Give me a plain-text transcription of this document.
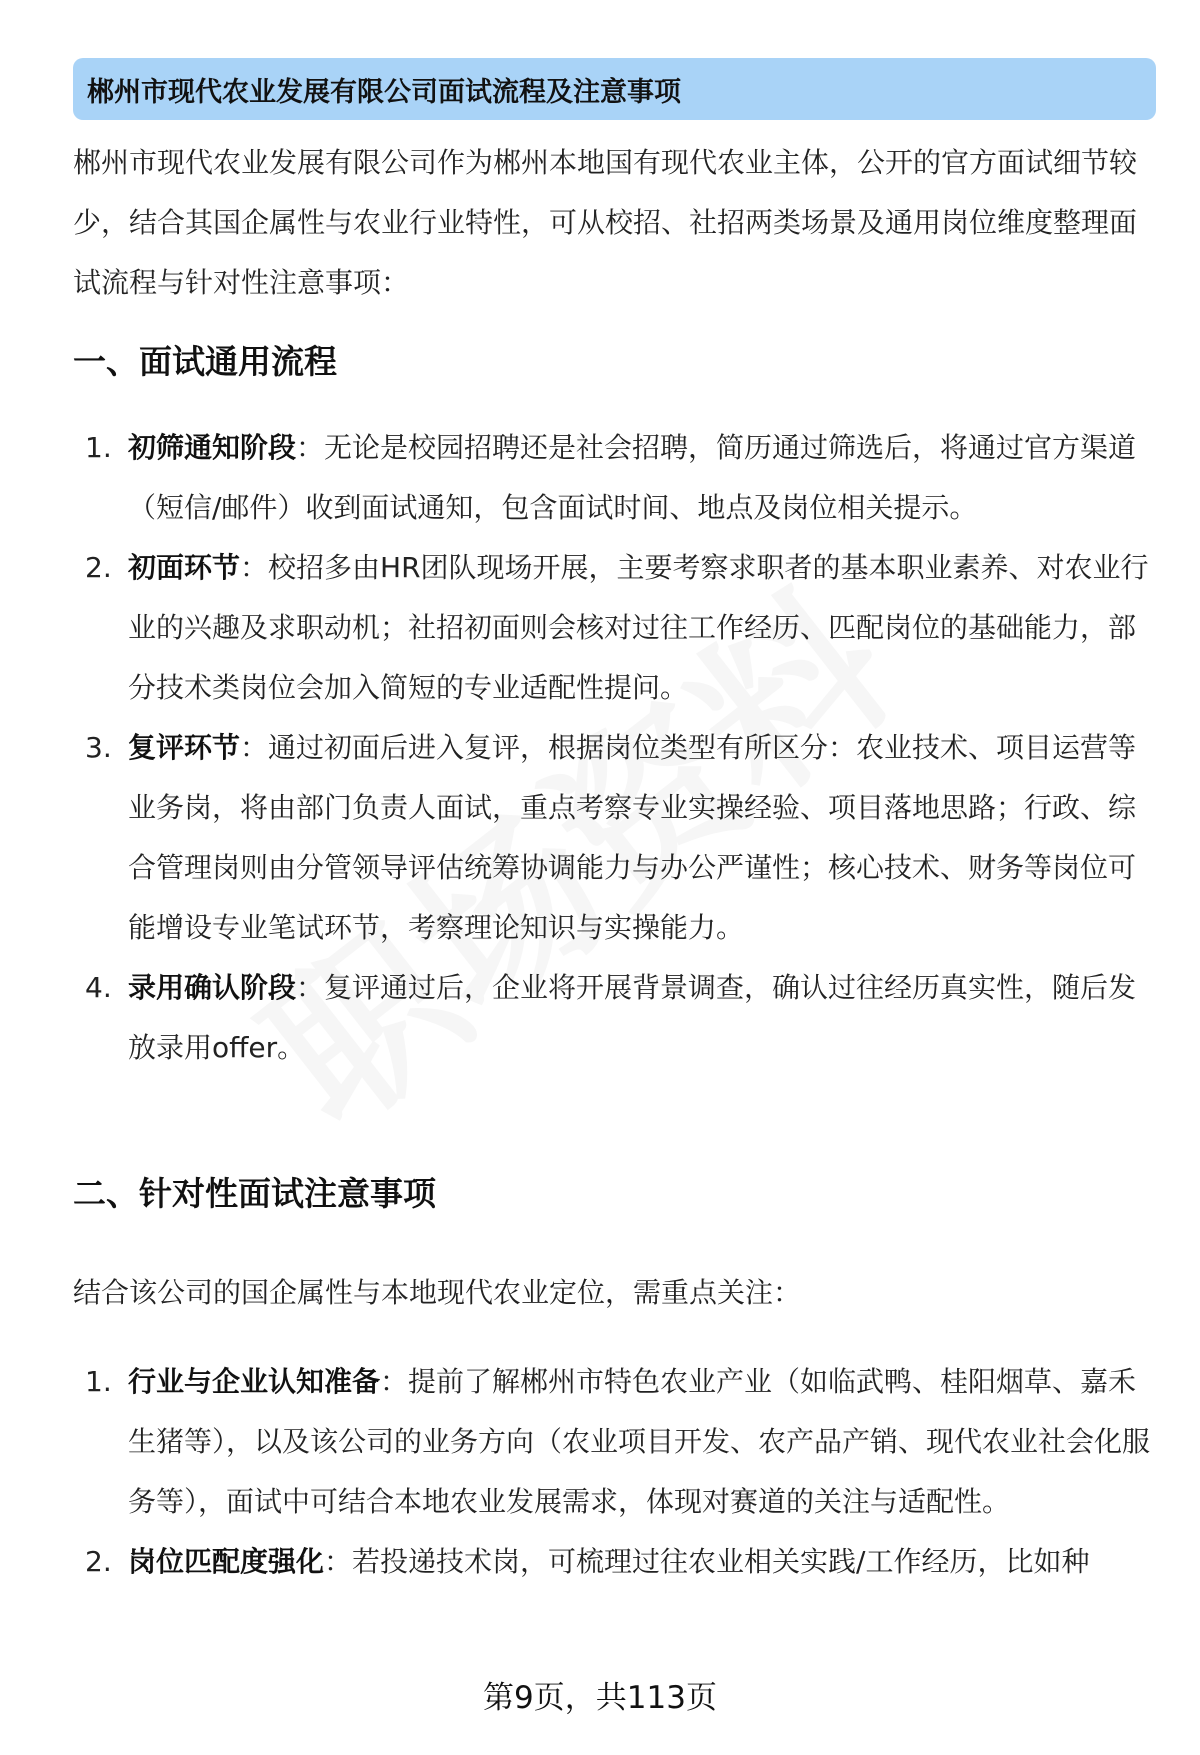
郴州市现代农业发展有限公司面试流程及注意事项

郴州市现代农业发展有限公司作为郴州本地国有现代农业主体，公开的官方面试细节较少，结合其国企属性与农业行业特性，可从校招、社招两类场景及通用岗位维度整理面试流程与针对性注意事项：

一、面试通用流程
1. 初筛通知阶段：无论是校园招聘还是社会招聘，简历通过筛选后，将通过官方渠道（短信/邮件）收到面试通知，包含面试时间、地点及岗位相关提示。
2. 初面环节：校招多由HR团队现场开展，主要考察求职者的基本职业素养、对农业行业的兴趣及求职动机；社招初面则会核对过往工作经历、匹配岗位的基础能力，部分技术类岗位会加入简短的专业适配性提问。
3. 复评环节：通过初面后进入复评，根据岗位类型有所区分：农业技术、项目运营等业务岗，将由部门负责人面试，重点考察专业实操经验、项目落地思路；行政、综合管理岗则由分管领导评估统筹协调能力与办公严谨性；核心技术、财务等岗位可能增设专业笔试环节，考察理论知识与实操能力。
4. 录用确认阶段：复评通过后，企业将开展背景调查，确认过往经历真实性，随后发放录用offer。
二、针对性面试注意事项

结合该公司的国企属性与本地现代农业定位，需重点关注：

1. 行业与企业认知准备：提前了解郴州市特色农业产业（如临武鸭、桂阳烟草、嘉禾生猪等），以及该公司的业务方向（农业项目开发、农产品产销、现代农业社会化服务等），面试中可结合本地农业发展需求，体现对赛道的关注与适配性。
2. 岗位匹配度强化：若投递技术岗，可梳理过往农业相关实践/工作经历，比如种
第9页，共113页
